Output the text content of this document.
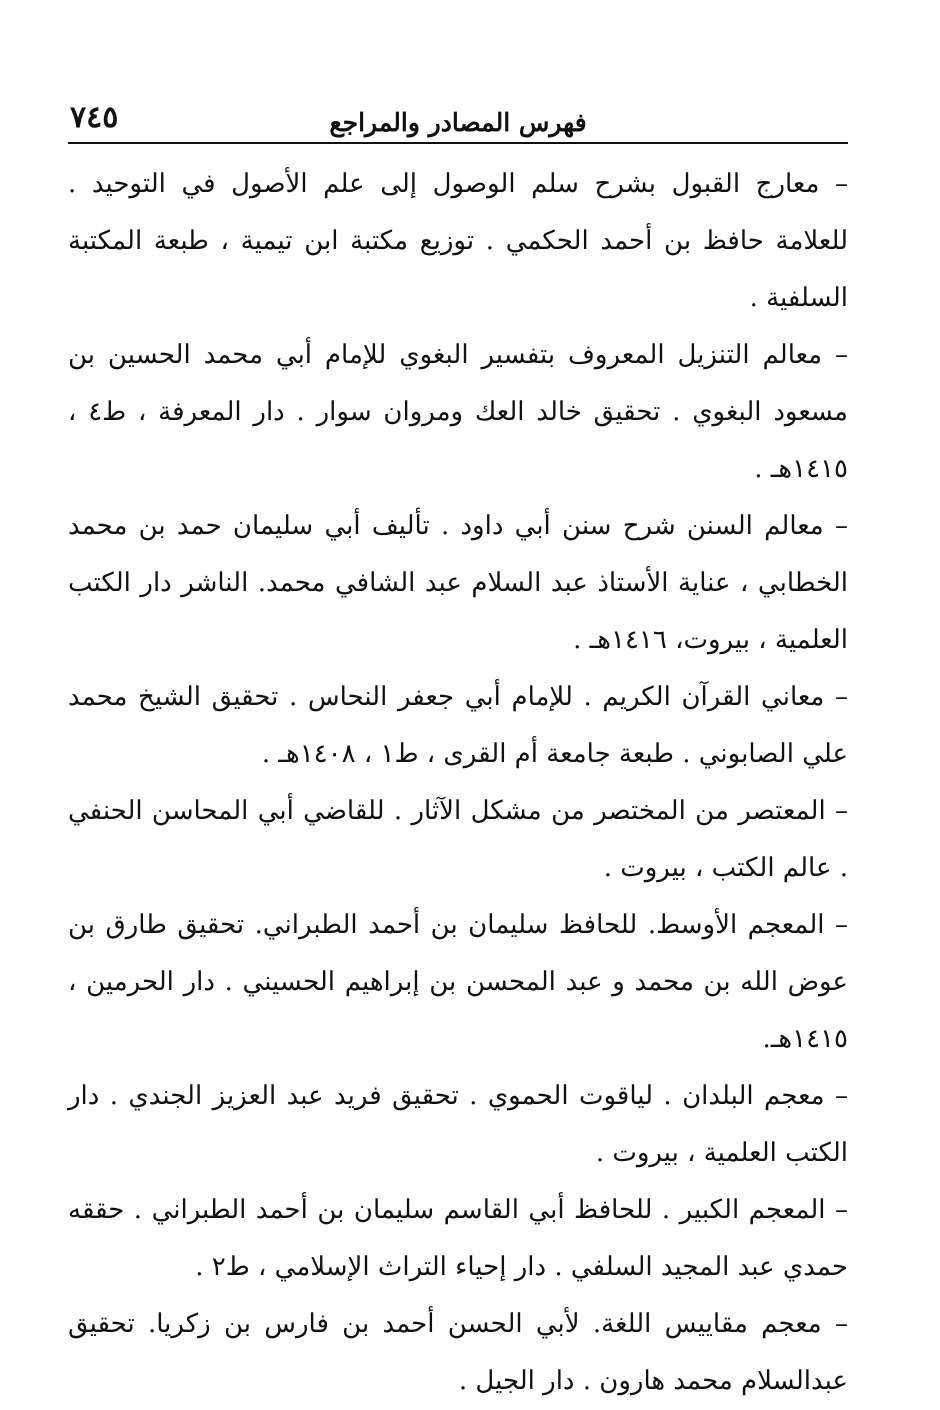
فهرس المصادر والمراجع
٧٤٥

– معارج القبول بشرح سلم الوصول إلى علم الأصول في التوحيد . للعلامة حافظ بن أحمد الحكمي . توزيع مكتبة ابن تيمية ، طبعة المكتبة السلفية .

– معالم التنزيل المعروف بتفسير البغوي للإمام أبي محمد الحسين بن مسعود البغوي . تحقيق خالد العك ومروان سوار . دار المعرفة ، ط٤ ، ١٤١٥هـ .

– معالم السنن شرح سنن أبي داود . تأليف أبي سليمان حمد بن محمد الخطابي ، عناية الأستاذ عبد السلام عبد الشافي محمد. الناشر دار الكتب العلمية ، بيروت، ١٤١٦هـ .

– معاني القرآن الكريم . للإمام أبي جعفر النحاس . تحقيق الشيخ محمد علي الصابوني . طبعة جامعة أم القرى ، ط١ ، ١٤٠٨هـ .

– المعتصر من المختصر من مشكل الآثار . للقاضي أبي المحاسن الحنفي . عالم الكتب ، بيروت .

– المعجم الأوسط. للحافظ سليمان بن أحمد الطبراني. تحقيق طارق بن عوض الله بن محمد و عبد المحسن بن إبراهيم الحسيني . دار الحرمين ، ١٤١٥هـ.

– معجم البلدان . لياقوت الحموي . تحقيق فريد عبد العزيز الجندي . دار الكتب العلمية ، بيروت .

– المعجم الكبير . للحافظ أبي القاسم سليمان بن أحمد الطبراني . حققه حمدي عبد المجيد السلفي . دار إحياء التراث الإسلامي ، ط٢ .

– معجم مقاييس اللغة. لأبي الحسن أحمد بن فارس بن زكريا. تحقيق عبدالسلام محمد هارون . دار الجيل .
